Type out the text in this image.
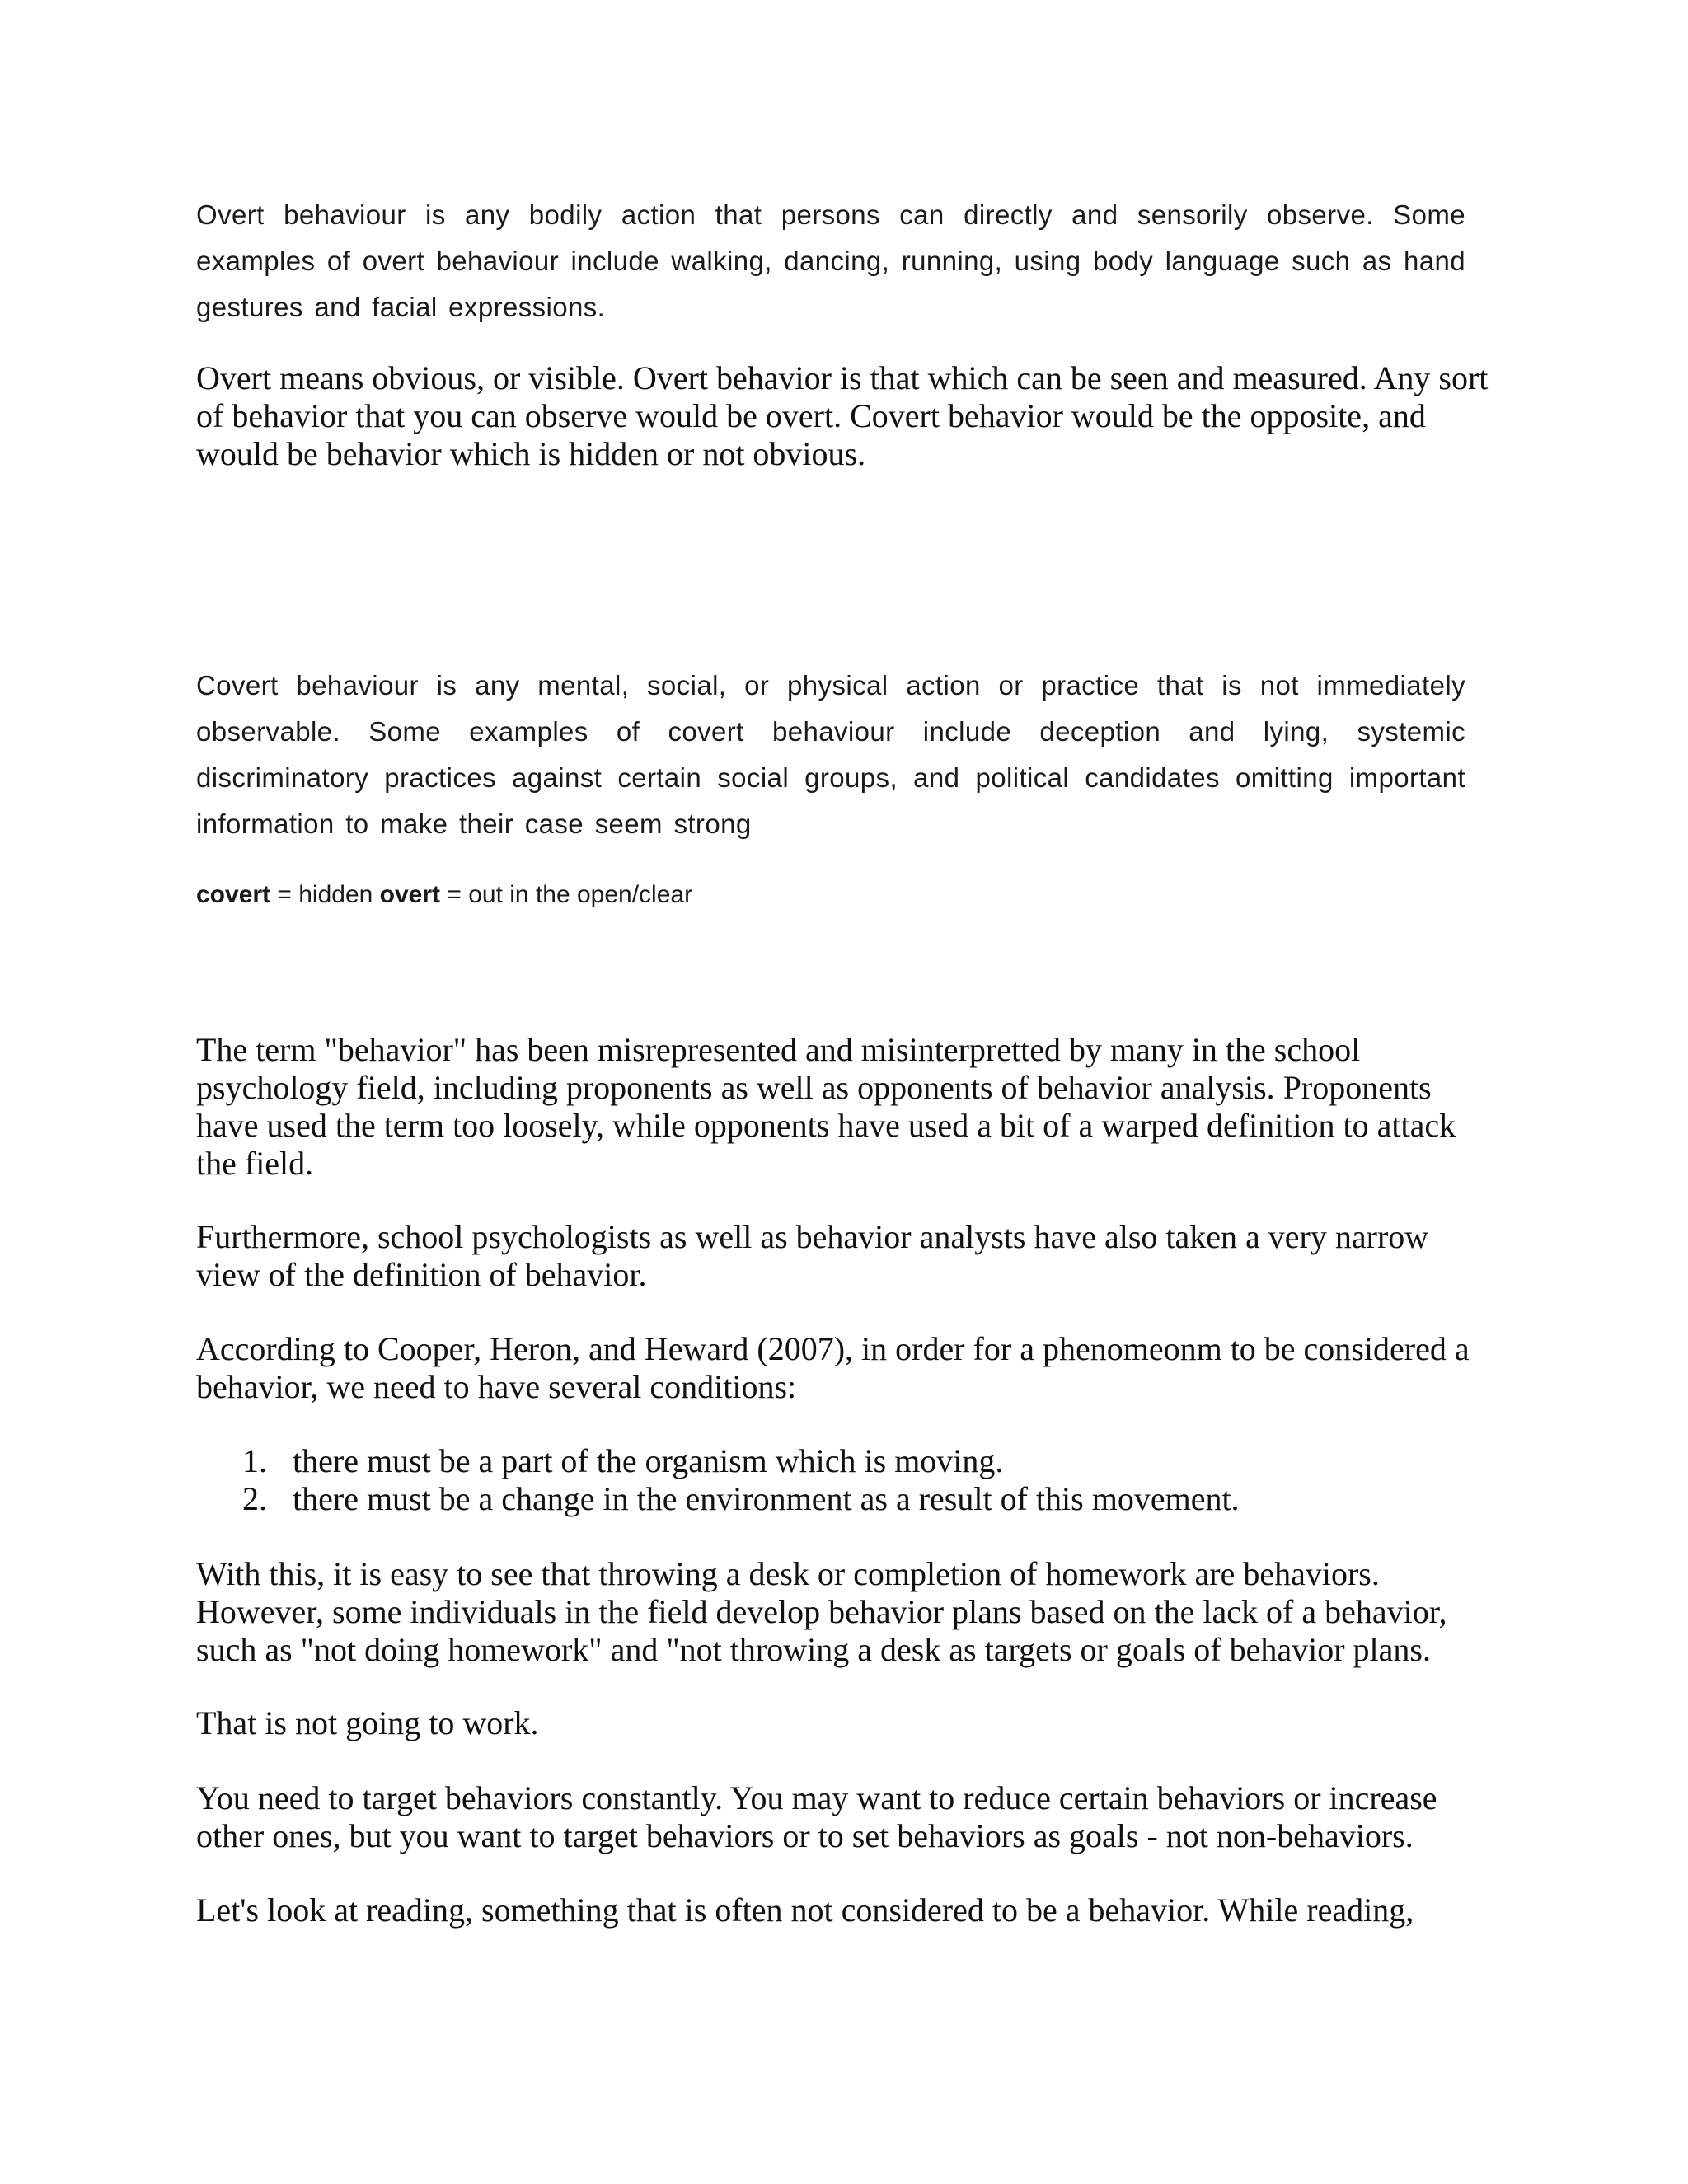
Overt behaviour is any bodily action that persons can directly and sensorily observe. Some examples of overt behaviour include walking, dancing, running, using body language such as hand gestures and facial expressions.

Overt means obvious, or visible. Overt behavior is that which can be seen and measured. Any sort of behavior that you can observe would be overt. Covert behavior would be the opposite, and would be behavior which is hidden or not obvious.

Covert behaviour is any mental, social, or physical action or practice that is not immediately observable. Some examples of covert behaviour include deception and lying, systemic discriminatory practices against certain social groups, and political candidates omitting important information to make their case seem strong

covert = hidden overt = out in the open/clear

The term "behavior" has been misrepresented and misinterpretted by many in the school psychology field, including proponents as well as opponents of behavior analysis. Proponents have used the term too loosely, while opponents have used a bit of a warped definition to attack the field.

Furthermore, school psychologists as well as behavior analysts have also taken a very narrow view of the definition of behavior.

According to Cooper, Heron, and Heward (2007), in order for a phenomeonm to be considered a behavior, we need to have several conditions:

1. there must be a part of the organism which is moving.
2. there must be a change in the environment as a result of this movement.

With this, it is easy to see that throwing a desk or completion of homework are behaviors. However, some individuals in the field develop behavior plans based on the lack of a behavior, such as "not doing homework" and "not throwing a desk as targets or goals of behavior plans.

That is not going to work.

You need to target behaviors constantly. You may want to reduce certain behaviors or increase other ones, but you want to target behaviors or to set behaviors as goals - not non-behaviors.

Let's look at reading, something that is often not considered to be a behavior. While reading,
